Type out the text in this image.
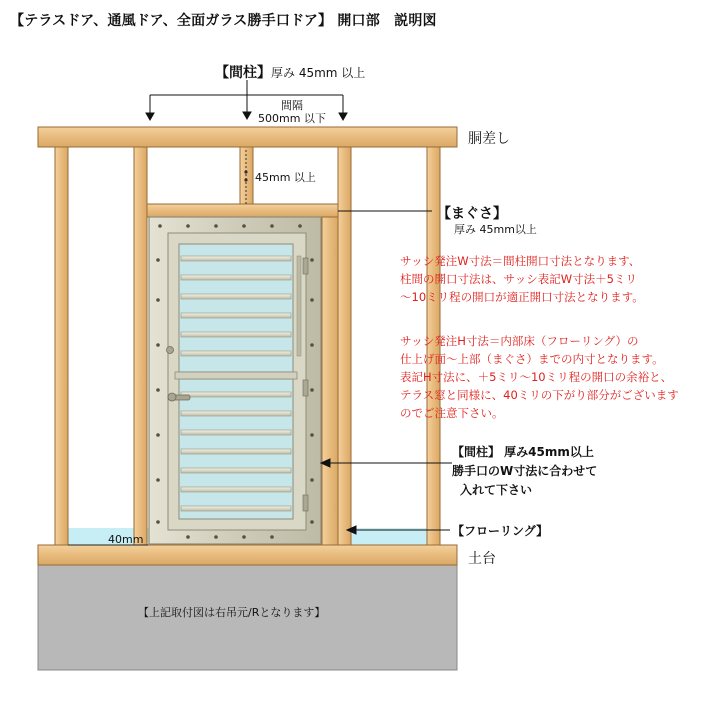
【テラスドア、通風ドア、全面ガラス勝手口ドア】 開口部　説明図
【間柱】厚み 45mm 以上
間隔
500mm 以下
胴差し
45mm 以上
【まぐさ】
厚み 45mm以上
サッシ発注W寸法＝間柱開口寸法となります、
柱間の開口寸法は、サッシ表記W寸法＋5ミリ
～10ミリ程の開口が適正開口寸法となります。
サッシ発注H寸法＝内部床（フローリング）の
仕上げ面～上部（まぐさ）までの内寸となります。
表記H寸法に、＋5ミリ～10ミリ程の開口の余裕と、
テラス窓と同様に、40ミリの下がり部分がございます
のでご注意下さい。
【間柱】 厚み45mm以上
勝手口のW寸法に合わせて
入れて下さい
【フローリング】
土台
40mm
【上記取付図は右吊元/Rとなります】
